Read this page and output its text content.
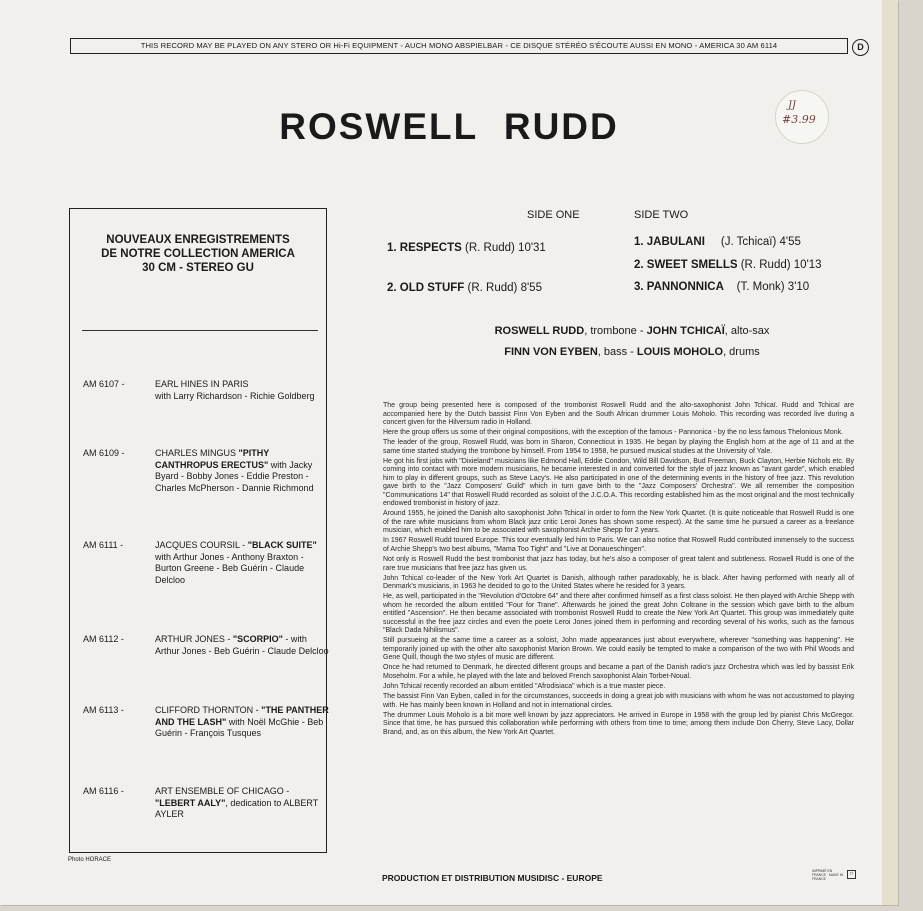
THIS RECORD MAY BE PLAYED ON ANY STERO OR Hi-Fi EQUIPMENT ◦ AUCH MONO ABSPIELBAR ◦ CE DISQUE STÉRÉO S'ÉCOUTE AUSSI EN MONO ◦ AMERICA 30 AM 6114	D
JJ
#3.99
ROSWELL RUDD
NOUVEAUX ENREGISTREMENTS
DE NOTRE COLLECTION AMERICA
30 CM - STEREO GU
AM 6107 -	EARL HINES IN PARIS
with Larry Richardson - Richie Goldberg
AM 6109 -	CHARLES MINGUS "PITHY CANTHROPUS ERECTUS" with Jacky Byard - Bobby Jones - Eddie Preston - Charles McPherson - Dannie Richmond
AM 6111 -	JACQUES COURSIL - "BLACK SUITE" with Arthur Jones - Anthony Braxton - Burton Greene - Beb Guérin - Claude Delcloo
AM 6112 -	ARTHUR JONES - "SCORPIO" - with Arthur Jones - Beb Guérin - Claude Delcloo
AM 6113 -	CLIFFORD THORNTON - "THE PANTHER AND THE LASH" with Noël McGhie - Beb Guérin - François Tusques
AM 6116 -	ART ENSEMBLE OF CHICAGO - "LEBERT AALY", dedication to ALBERT AYLER
Photo HORACE
SIDE ONE	SIDE TWO
1. RESPECTS (R. Rudd) 10'31
2. OLD STUFF (R. Rudd) 8'55
1. JABULANI (J. Tchicaï) 4'55
2. SWEET SMELLS (R. Rudd) 10'13
3. PANNONNICA (T. Monk) 3'10
ROSWELL RUDD, trombone - JOHN TCHICAÏ, alto-sax
FINN VON EYBEN, bass - LOUIS MOHOLO, drums

The group being presented here is composed of the trombonist Roswell Rudd and the alto-saxophonist John Tchicaï. Rudd and Tchicaï are accompanied here by the Dutch bassist Finn Von Eyben and the South African drummer Louis Moholo. This recording was recorded live during a concert given for the Hilversum radio in Holland.

Here the group offers us some of their original compositions, with the exception of the famous - Pannonica - by the no less famous Thelonious Monk.

The leader of the group, Roswell Rudd, was born in Sharon, Connecticut in 1935. He began by playing the English horn at the age of 11 and at the same time started studying the trombone by himself. From 1954 to 1958, he pursued musical studies at the University of Yale.

He got his first jobs with "Dixieland" musicians like Edmond Hall, Eddie Condon, Wild Bill Davidson, Bud Freeman, Buck Clayton, Herbie Nichols etc. By coming into contact with more modern musicians, he became interested in and converted for the style of jazz known as "avant garde", which enabled him to play in different groups, such as Steve Lacy's. He also participated in one of the determining events in the history of free jazz. This revolution gave birth to the "Jazz Composers' Guild" which in turn gave birth to the "Jazz Composers' Orchestra". We all remember the composition "Communications 14" that Roswell Rudd recorded as soloist of the J.C.O.A. This recording established him as the most original and the most technically endowed trombonist in history of jazz.

Around 1955, he joined the Danish alto saxophonist John Tchicaï in order to form the New York Quartet. (It is quite noticeable that Roswell Rudd is one of the rare white musicians from whom Black jazz critic Leroi Jones has shown some respect). At the same time he pursued a career as a freelance musician, which enabled him to be associated with saxophonist Archie Shepp for 2 years.

In 1967 Roswell Rudd toured Europe. This tour eventually led him to Paris. We can also notice that Roswell Rudd contributed immensely to the success of Archie Shepp's two best albums, "Mama Too Tight" and "Live at Donaueschingen".

Not only is Roswell Rudd the best trombonist that jazz has today, but he's also a composer of great talent and subtleness. Roswell Rudd is one of the rare true musicians that free jazz has given us.

John Tchicaï co-leader of the New York Art Quartet is Danish, although rather paradoxably, he is black. After having performed with nearly all of Denmark's musicians, in 1963 he decided to go to the United States where he resided for 3 years.

He, as well, participated in the "Revolution d'Octobre 64" and there after confirmed himself as a first class soloist. He then played with Archie Shepp with whom he recorded the album entitled "Four for Trane". Afterwards he joined the great John Coltrane in the session which gave birth to the album entitled "Ascension". He then became associated with trombonist Roswell Rudd to create the New York Art Quartet. This group was immediately quite successful in the free jazz circles and even the poete Leroi Jones joined them in performing and recording several of his works, such as the famous "Black Dada Nihilismus".

Still pursueing at the same time a career as a soloist, John made appearances just about everywhere, wherever "something was happening". He temporarily joined up with the other alto saxophonist Marion Brown. We could easily be tempted to make a comparison of the two with Phil Woods and Gene Quill, though the two styles of music are different.

Once he had returned to Denmark, he directed different groups and became a part of the Danish radio's jazz Orchestra which was led by bassist Erik Moseholm. For a while, he played with the late and beloved French saxophonist Alain Torbet-Noual.

John Tchicaï recently recorded an album entitled "Afrodisiaca" which is a true master piece.

The bassist Finn Van Eyben, called in for the circumstances, succeeds in doing a great job with musicians with whom he was not accustomed to playing with. He has mainly been known in Holland and not in international circles.

The drummer Louis Moholo is a bit more well known by jazz appreciators. He arrived in Europe in 1958 with the group led by pianist Chris McGregor. Since that time, he has pursued this collaboration while performing with others from time to time; among them include Don Cherry, Steve Lacy, Dollar Brand, and, as on this album, the New York Art Quartet.

PRODUCTION ET DISTRIBUTION MUSIDISC - EUROPE
IMPRIMÉ EN FRANCE · MADE IN FRANCE
□
